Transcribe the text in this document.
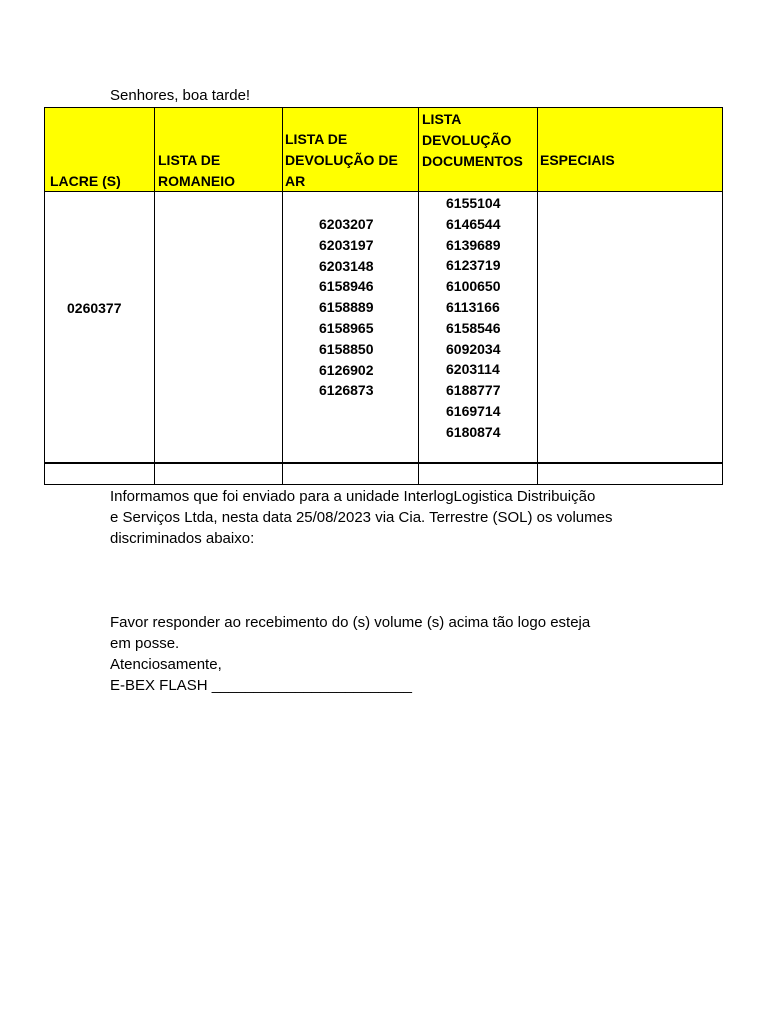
Senhores, boa tarde!
LACRE (S)
LISTA DE
ROMANEIO
LISTA DE
DEVOLUÇÃO DE
AR
LISTA
DEVOLUÇÃO
DOCUMENTOS ESPECIAIS
0260377
6203207
6203197
6203148
6158946
6158889
6158965
6158850
6126902
6126873
6155104
6146544
6139689
6123719
6100650
6113166
6158546
6092034
6203114
6188777
6169714
6180874
Informamos que foi enviado para a unidade InterlogLogistica Distribuição
e Serviços Ltda, nesta data 25/08/2023 via Cia. Terrestre (SOL) os volumes
discriminados abaixo:
Favor responder ao recebimento do (s) volume (s) acima tão logo esteja
em posse.
Atenciosamente,
E-BEX FLASH ________________________
